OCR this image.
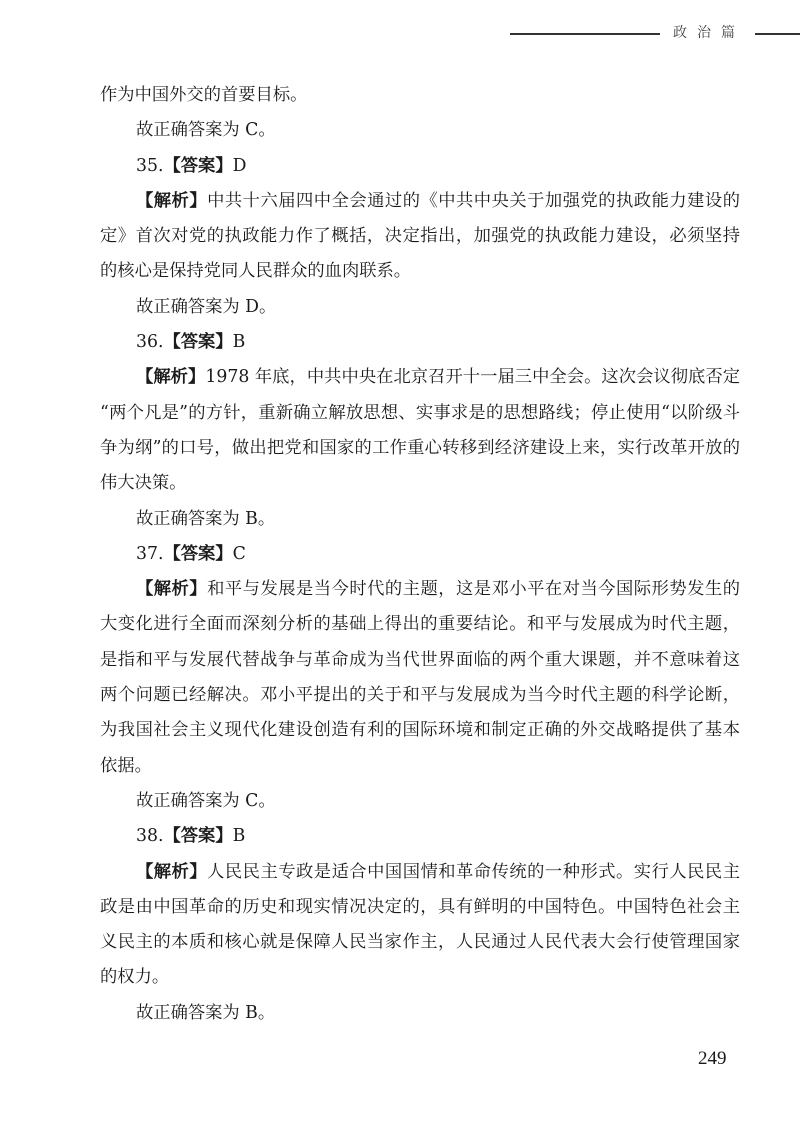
政治篇
作为中国外交的首要目标。
故正确答案为 C。
35.【答案】D
【解析】中共十六届四中全会通过的《中共中央关于加强党的执政能力建设的
定》首次对党的执政能力作了概括，决定指出，加强党的执政能力建设，必须坚持
的核心是保持党同人民群众的血肉联系。
故正确答案为 D。
36.【答案】B
【解析】1978 年底，中共中央在北京召开十一届三中全会。这次会议彻底否定
“两个凡是”的方针，重新确立解放思想、实事求是的思想路线；停止使用“以阶级斗
争为纲”的口号，做出把党和国家的工作重心转移到经济建设上来，实行改革开放的
伟大决策。
故正确答案为 B。
37.【答案】C
【解析】和平与发展是当今时代的主题，这是邓小平在对当今国际形势发生的
大变化进行全面而深刻分析的基础上得出的重要结论。和平与发展成为时代主题，
是指和平与发展代替战争与革命成为当代世界面临的两个重大课题，并不意味着这
两个问题已经解决。邓小平提出的关于和平与发展成为当今时代主题的科学论断，
为我国社会主义现代化建设创造有利的国际环境和制定正确的外交战略提供了基本
依据。
故正确答案为 C。
38.【答案】B
【解析】人民民主专政是适合中国国情和革命传统的一种形式。实行人民民主
政是由中国革命的历史和现实情况决定的，具有鲜明的中国特色。中国特色社会主
义民主的本质和核心就是保障人民当家作主，人民通过人民代表大会行使管理国家
的权力。
故正确答案为 B。
249
